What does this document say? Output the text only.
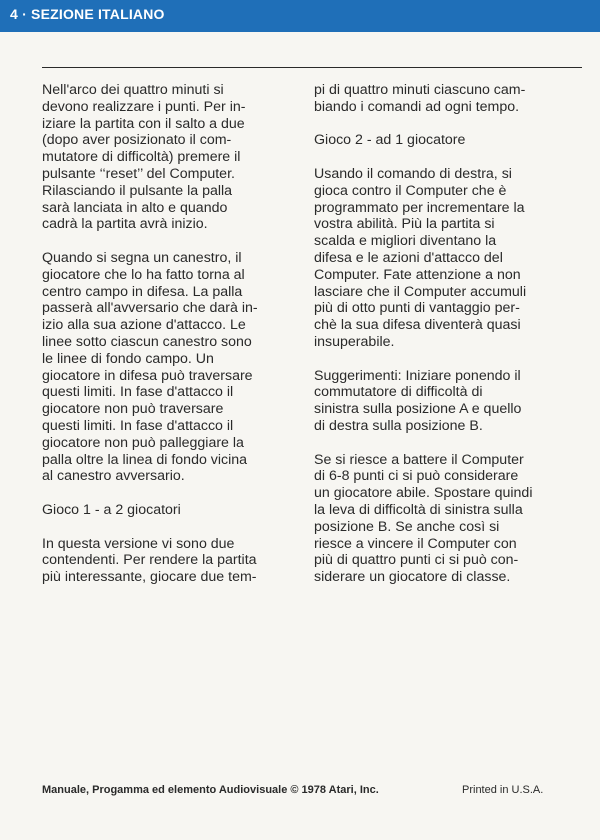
4 · SEZIONE ITALIANO

Nell'arco dei quattro minuti si
devono realizzare i punti. Per in-
iziare la partita con il salto a due
(dopo aver posizionato il com-
mutatore di difficoltà) premere il
pulsante ‘‘reset’’ del Computer.
Rilasciando il pulsante la palla
sarà lanciata in alto e quando
cadrà la partita avrà inizio.

Quando si segna un canestro, il
giocatore che lo ha fatto torna al
centro campo in difesa. La palla
passerà all'avversario che darà in-
izio alla sua azione d'attacco. Le
linee sotto ciascun canestro sono
le linee di fondo campo. Un
giocatore in difesa può traversare
questi limiti. In fase d'attacco il
giocatore non può traversare
questi limiti. In fase d'attacco il
giocatore non può palleggiare la
palla oltre la linea di fondo vicina
al canestro avversario.

Gioco 1 - a 2 giocatori

In questa versione vi sono due
contendenti. Per rendere la partita
più interessante, giocare due tem-

pi di quattro minuti ciascuno cam-
biando i comandi ad ogni tempo.

Gioco 2 - ad 1 giocatore

Usando il comando di destra, si
gioca contro il Computer che è
programmato per incrementare la
vostra abilità. Più la partita si
scalda e migliori diventano la
difesa e le azioni d'attacco del
Computer. Fate attenzione a non
lasciare che il Computer accumuli
più di otto punti di vantaggio per-
chè la sua difesa diventerà quasi
insuperabile.

Suggerimenti: Iniziare ponendo il
commutatore di difficoltà di
sinistra sulla posizione A e quello
di destra sulla posizione B.

Se si riesce a battere il Computer
di 6-8 punti ci si può considerare
un giocatore abile. Spostare quindi
la leva di difficoltà di sinistra sulla
posizione B. Se anche così si
riesce a vincere il Computer con
più di quattro punti ci si può con-
siderare un giocatore di classe.

Manuale, Progamma ed elemento Audiovisuale © 1978 Atari, Inc.	Printed in U.S.A.
